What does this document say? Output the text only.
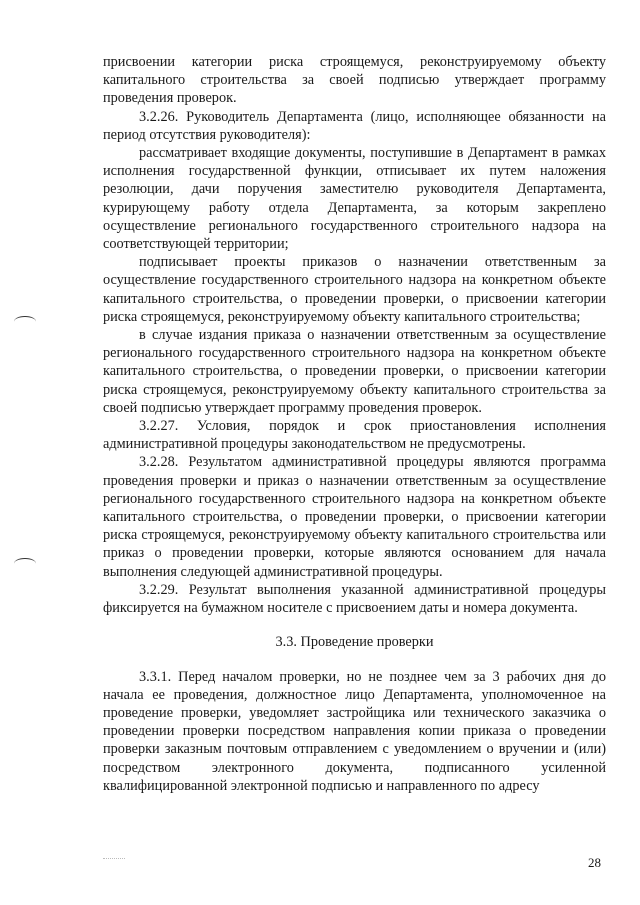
присвоении категории риска строящемуся, реконструируемому объекту капитального строительства за своей подписью утверждает программу проведения проверок.

3.2.26. Руководитель Департамента (лицо, исполняющее обязанности на период отсутствия руководителя):

рассматривает входящие документы, поступившие в Департамент в рамках исполнения государственной функции, отписывает их путем наложения резолюции, дачи поручения заместителю руководителя Департамента, курирующему работу отдела Департамента, за которым закреплено осуществление регионального государственного строительного надзора на соответствующей территории;

подписывает проекты приказов о назначении ответственным за осуществление государственного строительного надзора на конкретном объекте капитального строительства, о проведении проверки, о присвоении категории риска строящемуся, реконструируемому объекту капитального строительства;

в случае издания приказа о назначении ответственным за осуществление регионального государственного строительного надзора на конкретном объекте капитального строительства, о проведении проверки, о присвоении категории риска строящемуся, реконструируемому объекту капитального строительства за своей подписью утверждает программу проведения проверок.

3.2.27. Условия, порядок и срок приостановления исполнения административной процедуры законодательством не предусмотрены.

3.2.28. Результатом административной процедуры являются программа проведения проверки и приказ о назначении ответственным за осуществление регионального государственного строительного надзора на конкретном объекте капитального строительства, о проведении проверки, о присвоении категории риска строящемуся, реконструируемому объекту капитального строительства или приказ о проведении проверки, которые являются основанием для начала выполнения следующей административной процедуры.

3.2.29. Результат выполнения указанной административной процедуры фиксируется на бумажном носителе с присвоением даты и номера документа.

3.3. Проведение проверки

3.3.1. Перед началом проверки, но не позднее чем за 3 рабочих дня до начала ее проведения, должностное лицо Департамента, уполномоченное на проведение проверки, уведомляет застройщика или технического заказчика о проведении проверки посредством направления копии приказа о проведении проверки заказным почтовым отправлением с уведомлением о вручении и (или) посредством электронного документа, подписанного усиленной квалифицированной электронной подписью и направленного по адресу

28
